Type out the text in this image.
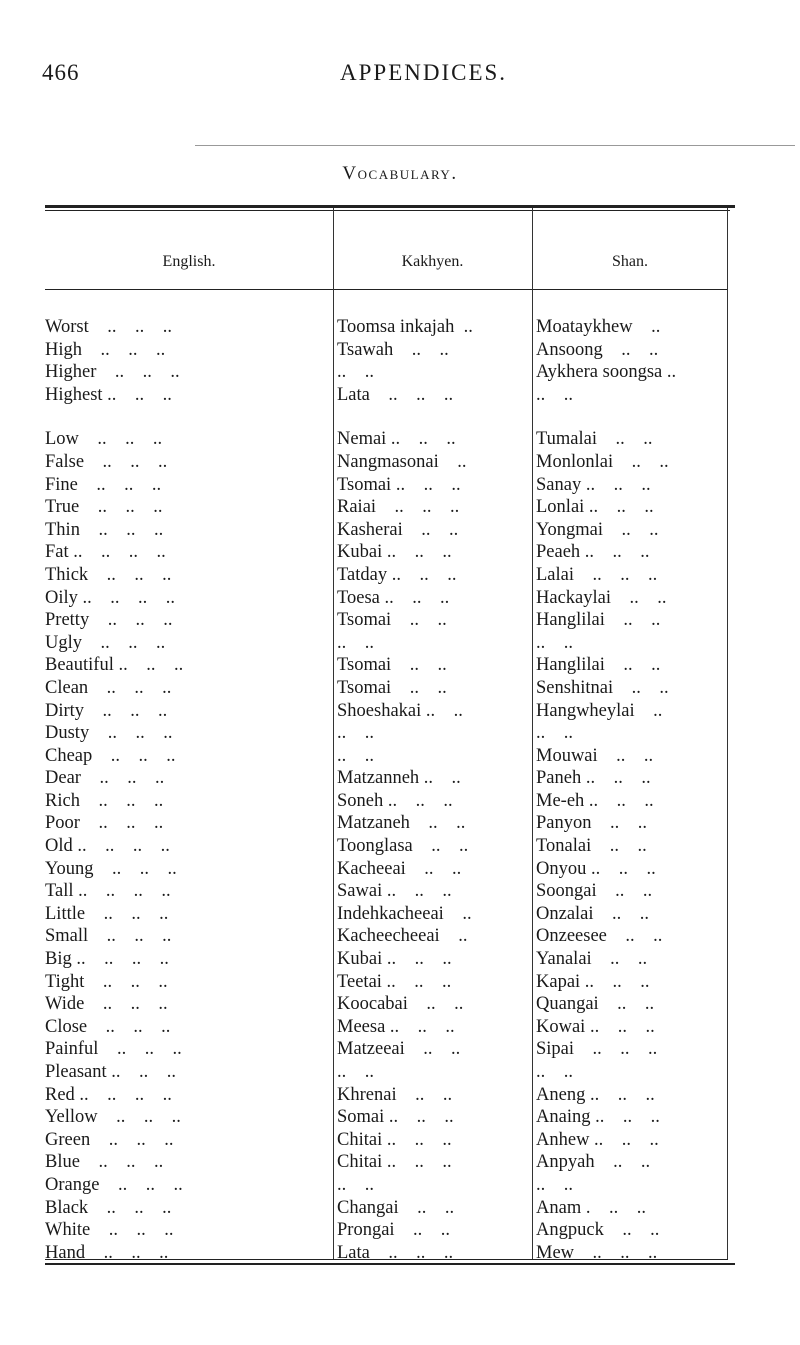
466	APPENDICES.
Vocabulary.
English.	Kakhyen.	Shan.
Worst    ..    ..    ..	Toomsa inkajah  ..	Moataykhew    ..
High    ..    ..    ..	Tsawah    ..    ..	Ansoong    ..    ..
Higher    ..    ..    ..	..    ..	Aykhera soongsa ..
Highest ..    ..    ..	Lata    ..    ..    ..	..    ..
Low    ..    ..    ..	Nemai ..    ..    ..	Tumalai    ..    ..
False    ..    ..    ..	Nangmasonai    ..	Monlonlai    ..    ..
Fine    ..    ..    ..	Tsomai ..    ..    ..	Sanay ..    ..    ..
True    ..    ..    ..	Raiai    ..    ..    ..	Lonlai ..    ..    ..
Thin    ..    ..    ..	Kasherai    ..    ..	Yongmai    ..    ..
Fat ..    ..    ..    ..	Kubai ..    ..    ..	Peaeh ..    ..    ..
Thick    ..    ..    ..	Tatday ..    ..    ..	Lalai    ..    ..    ..
Oily ..    ..    ..    ..	Toesa ..    ..    ..	Hackaylai    ..    ..
Pretty    ..    ..    ..	Tsomai    ..    ..	Hanglilai    ..    ..
Ugly    ..    ..    ..	..    ..	..    ..
Beautiful ..    ..    ..	Tsomai    ..    ..	Hanglilai    ..    ..
Clean    ..    ..    ..	Tsomai    ..    ..	Senshitnai    ..    ..
Dirty    ..    ..    ..	Shoeshakai ..    ..	Hangwheylai    ..
Dusty    ..    ..    ..	..    ..	..    ..
Cheap    ..    ..    ..	..    ..	Mouwai    ..    ..
Dear    ..    ..    ..	Matzanneh ..    ..	Paneh ..    ..    ..
Rich    ..    ..    ..	Soneh ..    ..    ..	Me-eh ..    ..    ..
Poor    ..    ..    ..	Matzaneh    ..    ..	Panyon    ..    ..
Old ..    ..    ..    ..	Toonglasa    ..    ..	Tonalai    ..    ..
Young    ..    ..    ..	Kacheeai    ..    ..	Onyou ..    ..    ..
Tall ..    ..    ..    ..	Sawai ..    ..    ..	Soongai    ..    ..
Little    ..    ..    ..	Indehkacheeai    ..	Onzalai    ..    ..
Small    ..    ..    ..	Kacheecheeai    ..	Onzeesee    ..    ..
Big ..    ..    ..    ..	Kubai ..    ..    ..	Yanalai    ..    ..
Tight    ..    ..    ..	Teetai ..    ..    ..	Kapai ..    ..    ..
Wide    ..    ..    ..	Koocabai    ..    ..	Quangai    ..    ..
Close    ..    ..    ..	Meesa ..    ..    ..	Kowai ..    ..    ..
Painful    ..    ..    ..	Matzeeai    ..    ..	Sipai    ..    ..    ..
Pleasant ..    ..    ..	..    ..	..    ..
Red ..    ..    ..    ..	Khrenai    ..    ..	Aneng ..    ..    ..
Yellow    ..    ..    ..	Somai ..    ..    ..	Anaing ..    ..    ..
Green    ..    ..    ..	Chitai ..    ..    ..	Anhew ..    ..    ..
Blue    ..    ..    ..	Chitai ..    ..    ..	Anpyah    ..    ..
Orange    ..    ..    ..	..    ..	..    ..
Black    ..    ..    ..	Changai    ..    ..	Anam .    ..    ..
White    ..    ..    ..	Prongai    ..    ..	Angpuck    ..    ..
Hand    ..    ..    ..	Lata    ..    ..    ..	Mew    ..    ..    ..
